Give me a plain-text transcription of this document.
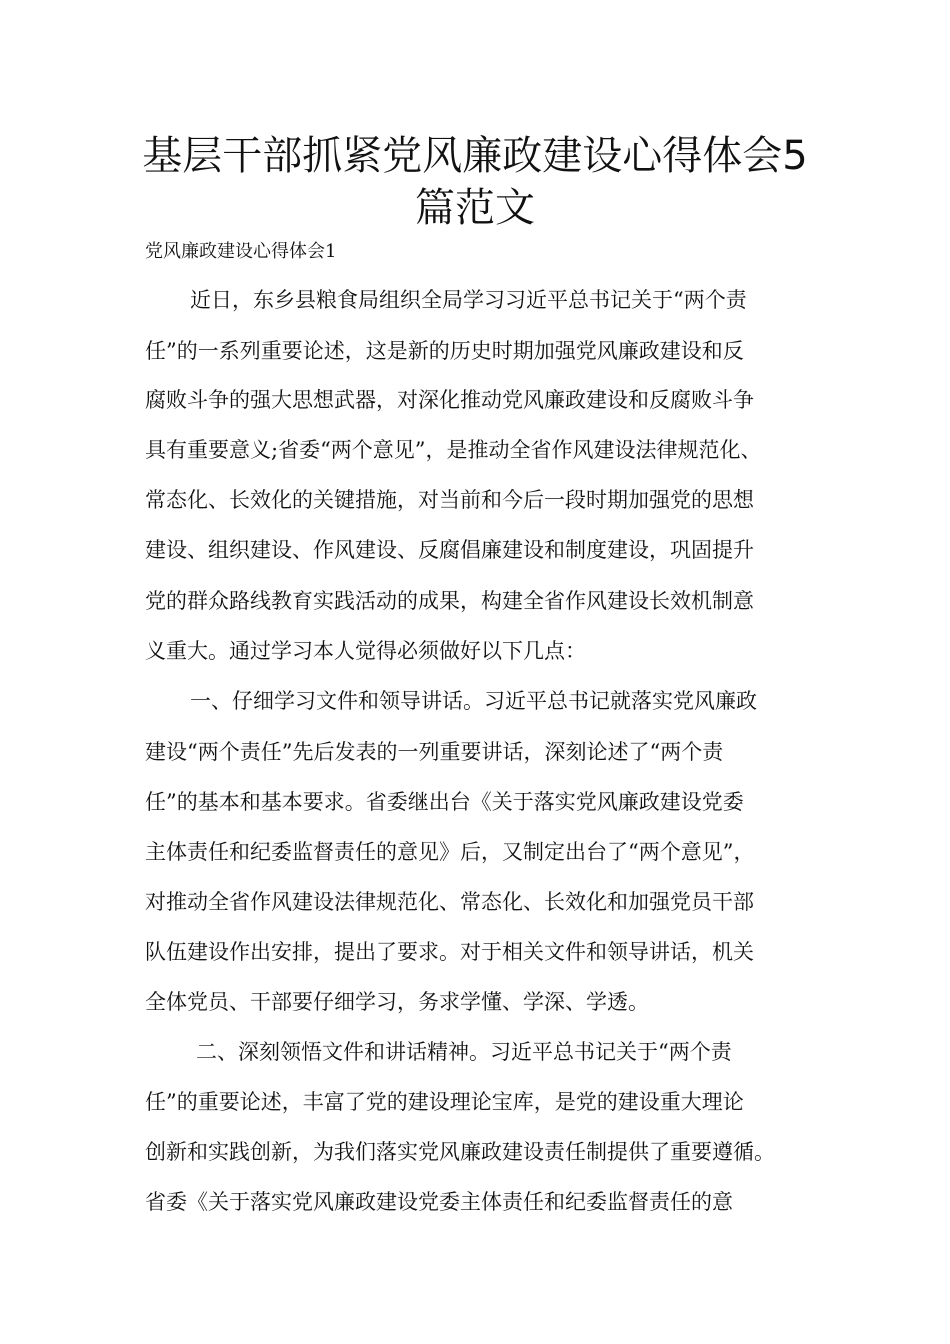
基层干部抓紧党风廉政建设心得体会5
篇范文
党风廉政建设心得体会1
近日，东乡县粮食局组织全局学习习近平总书记关于“两个责
任”的一系列重要论述，这是新的历史时期加强党风廉政建设和反
腐败斗争的强大思想武器，对深化推动党风廉政建设和反腐败斗争
具有重要意义;省委“两个意见”，是推动全省作风建设法律规范化、
常态化、长效化的关键措施，对当前和今后一段时期加强党的思想
建设、组织建设、作风建设、反腐倡廉建设和制度建设，巩固提升
党的群众路线教育实践活动的成果，构建全省作风建设长效机制意
义重大。通过学习本人觉得必须做好以下几点：
一、仔细学习文件和领导讲话。习近平总书记就落实党风廉政
建设“两个责任”先后发表的一列重要讲话，深刻论述了“两个责
任”的基本和基本要求。省委继出台《关于落实党风廉政建设党委
主体责任和纪委监督责任的意见》后，又制定出台了“两个意见”，
对推动全省作风建设法律规范化、常态化、长效化和加强党员干部
队伍建设作出安排，提出了要求。对于相关文件和领导讲话，机关
全体党员、干部要仔细学习，务求学懂、学深、学透。
二、深刻领悟文件和讲话精神。习近平总书记关于“两个责
任”的重要论述，丰富了党的建设理论宝库，是党的建设重大理论
创新和实践创新，为我们落实党风廉政建设责任制提供了重要遵循。
省委《关于落实党风廉政建设党委主体责任和纪委监督责任的意
